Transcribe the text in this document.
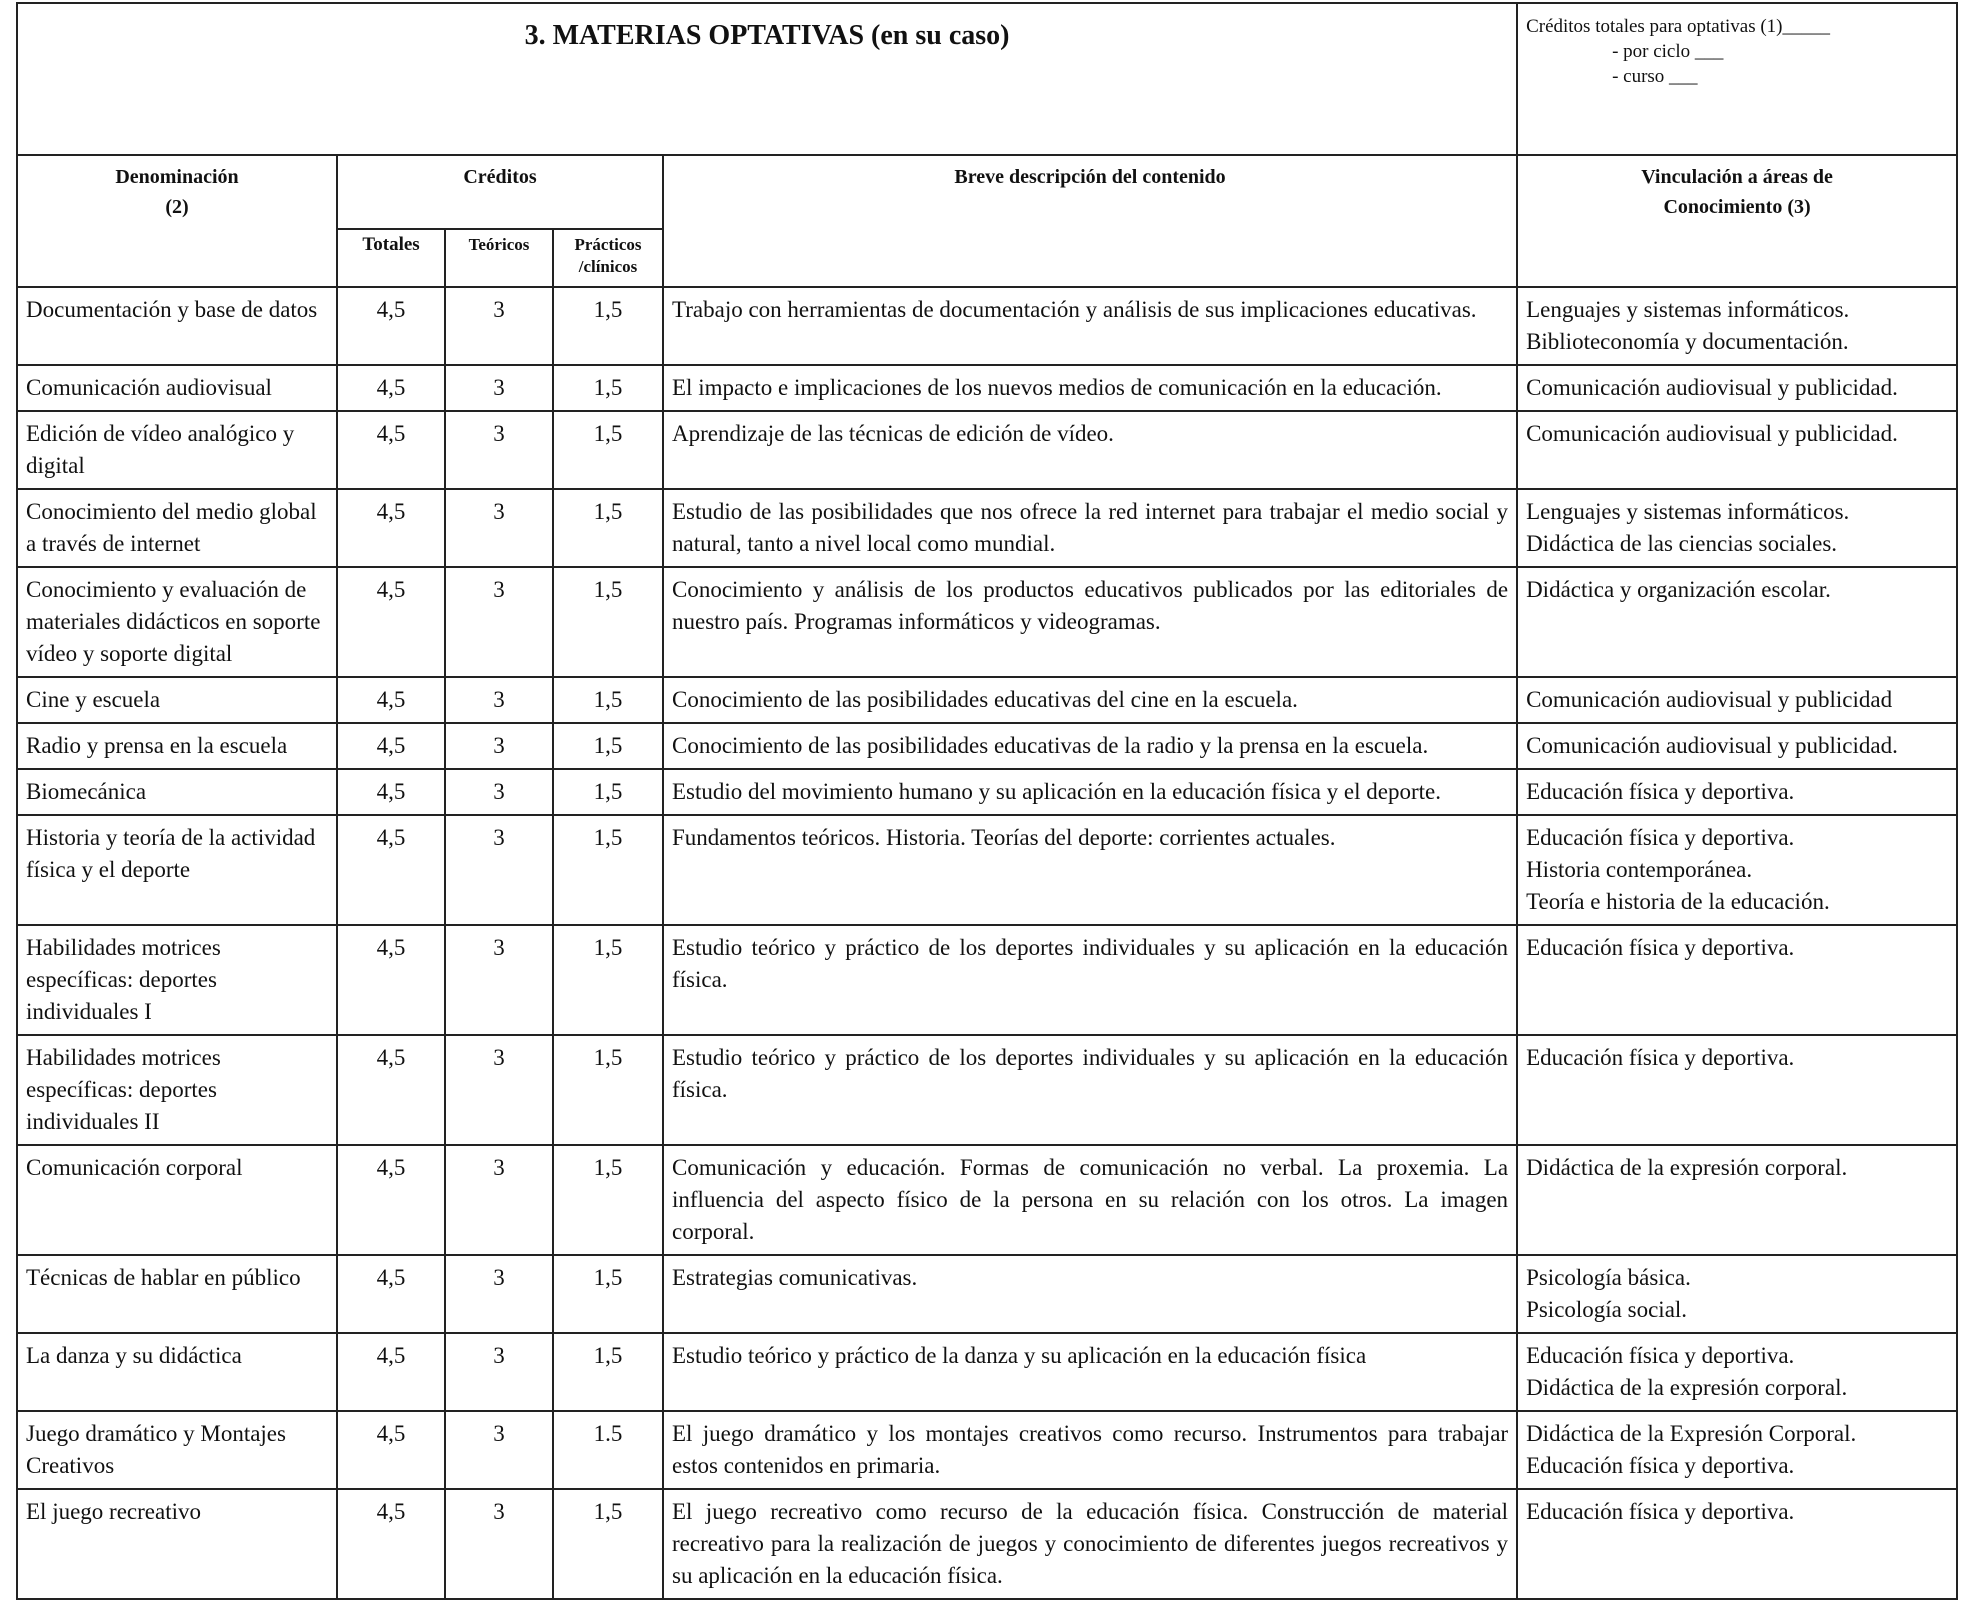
3. MATERIAS OPTATIVAS (en su caso)					Créditos totales para optativas (1)_____

- por ciclo ___
- curso ___

Denominación
(2)	Créditos			Breve descripción del contenido	Vinculación a áreas de
Conocimiento (3)
	Totales	Teóricos	Prácticos
/clínicos		
Documentación y base de datos	4,5	3	1,5	Trabajo con herramientas de documentación y análisis de sus implicaciones educativas.	Lenguajes y sistemas informáticos.
Biblioteconomía y documentación.

Comunicación audiovisual	4,5	3	1,5	El impacto e implicaciones de los nuevos medios de comunicación en la educación.	Comunicación audiovisual y publicidad.

Edición de vídeo analógico y digital	4,5	3	1,5	Aprendizaje de las técnicas de edición de vídeo.	Comunicación audiovisual y publicidad.

Conocimiento del medio global a través de internet	4,5	3	1,5	Estudio de las posibilidades que nos ofrece la red internet para trabajar el medio social y natural, tanto a nivel local como mundial.	Lenguajes y sistemas informáticos.
Didáctica de las ciencias sociales.

Conocimiento y evaluación de materiales didácticos en soporte vídeo y soporte digital	4,5	3	1,5	Conocimiento y análisis de los productos educativos publicados por las editoriales de nuestro país. Programas informáticos y videogramas.	Didáctica y organización escolar.

Cine y escuela	4,5	3	1,5	Conocimiento de las posibilidades educativas del cine en la escuela.	Comunicación audiovisual y publicidad

Radio y prensa en la escuela	4,5	3	1,5	Conocimiento de las posibilidades educativas de la radio y la prensa en la escuela.	Comunicación audiovisual y publicidad.

Biomecánica	4,5	3	1,5	Estudio del movimiento humano y su aplicación en la educación física y el deporte.	Educación física y deportiva.

Historia y teoría de la actividad física y el deporte	4,5	3	1,5	Fundamentos teóricos. Historia. Teorías del deporte: corrientes actuales.	Educación física y deportiva.
Historia contemporánea.
Teoría e historia de la educación.

Habilidades motrices específicas: deportes individuales I	4,5	3	1,5	Estudio teórico y práctico de los deportes individuales y su aplicación en la educación física.	Educación física y deportiva.

Habilidades motrices específicas: deportes individuales II	4,5	3	1,5	Estudio teórico y práctico de los deportes individuales y su aplicación en la educación física.	Educación física y deportiva.

Comunicación corporal	4,5	3	1,5	Comunicación y educación. Formas de comunicación no verbal. La proxemia. La influencia del aspecto físico de la persona en su relación con los otros. La imagen corporal.	Didáctica de la expresión corporal.

Técnicas de hablar en público	4,5	3	1,5	Estrategias comunicativas.	Psicología básica.
Psicología social.

La danza y su didáctica	4,5	3	1,5	Estudio teórico y práctico de la danza y su aplicación en la educación física	Educación física y deportiva.
Didáctica de la expresión corporal.

Juego dramático y Montajes Creativos	4,5	3	1.5	El juego dramático y los montajes creativos como recurso. Instrumentos para trabajar estos contenidos en primaria.	Didáctica de la Expresión Corporal.
Educación física y deportiva.

El juego recreativo	4,5	3	1,5	El juego recreativo como recurso de la educación física. Construcción de material recreativo para la realización de juegos y conocimiento de diferentes juegos recreativos y su aplicación en la educación física.	Educación física y deportiva.
